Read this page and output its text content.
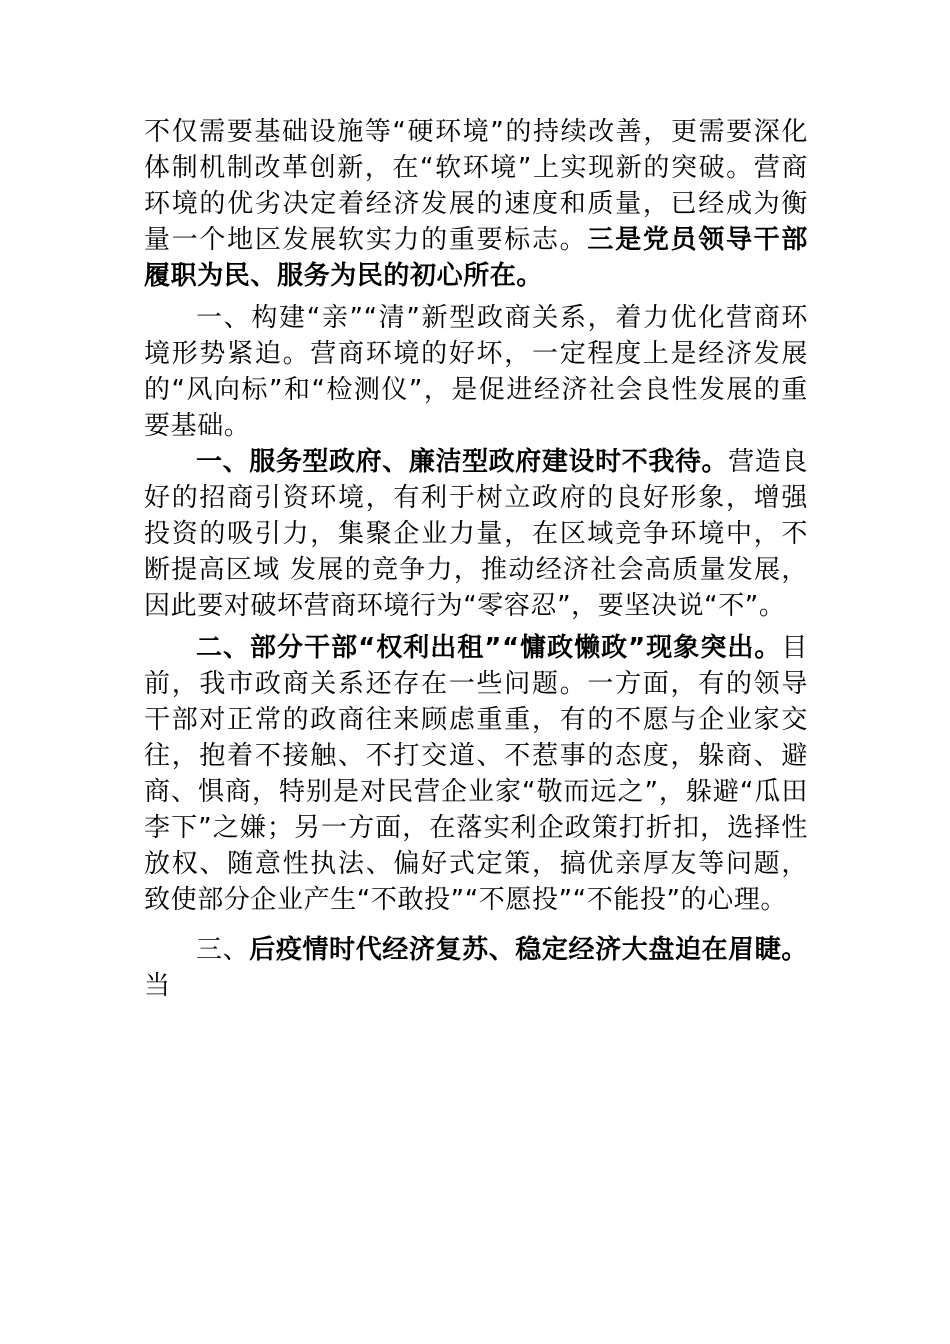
不仅需要基础设施等“硬环境”的持续改善，更需要深化体制机制改革创新，在“软环境”上实现新的突破。营商环境的优劣决定着经济发展的速度和质量，已经成为衡量一个地区发展软实力的重要标志。三是党员领导干部履职为民、服务为民的初心所在。

一、构建“亲”“清”新型政商关系，着力优化营商环境形势紧迫。营商环境的好坏，一定程度上是经济发展的“风向标”和“检测仪”，是促进经济社会良性发展的重要基础。

一、服务型政府、廉洁型政府建设时不我待。营造良好的招商引资环境，有利于树立政府的良好形象，增强投资的吸引力，集聚企业力量，在区域竞争环境中，不断提高区域 发展的竞争力，推动经济社会高质量发展，因此要对破坏营商环境行为“零容忍”，要坚决说“不”。

二、部分干部“权利出租”“慵政懒政”现象突出。目前，我市政商关系还存在一些问题。一方面，有的领导干部对正常的政商往来顾虑重重，有的不愿与企业家交往，抱着不接触、不打交道、不惹事的态度，躲商、避商、惧商，特别是对民营企业家“敬而远之”，躲避“瓜田李下”之嫌；另一方面，在落实利企政策打折扣，选择性放权、随意性执法、偏好式定策，搞优亲厚友等问题，致使部分企业产生“不敢投”“不愿投”“不能投”的心理。

三、后疫情时代经济复苏、稳定经济大盘迫在眉睫。当
